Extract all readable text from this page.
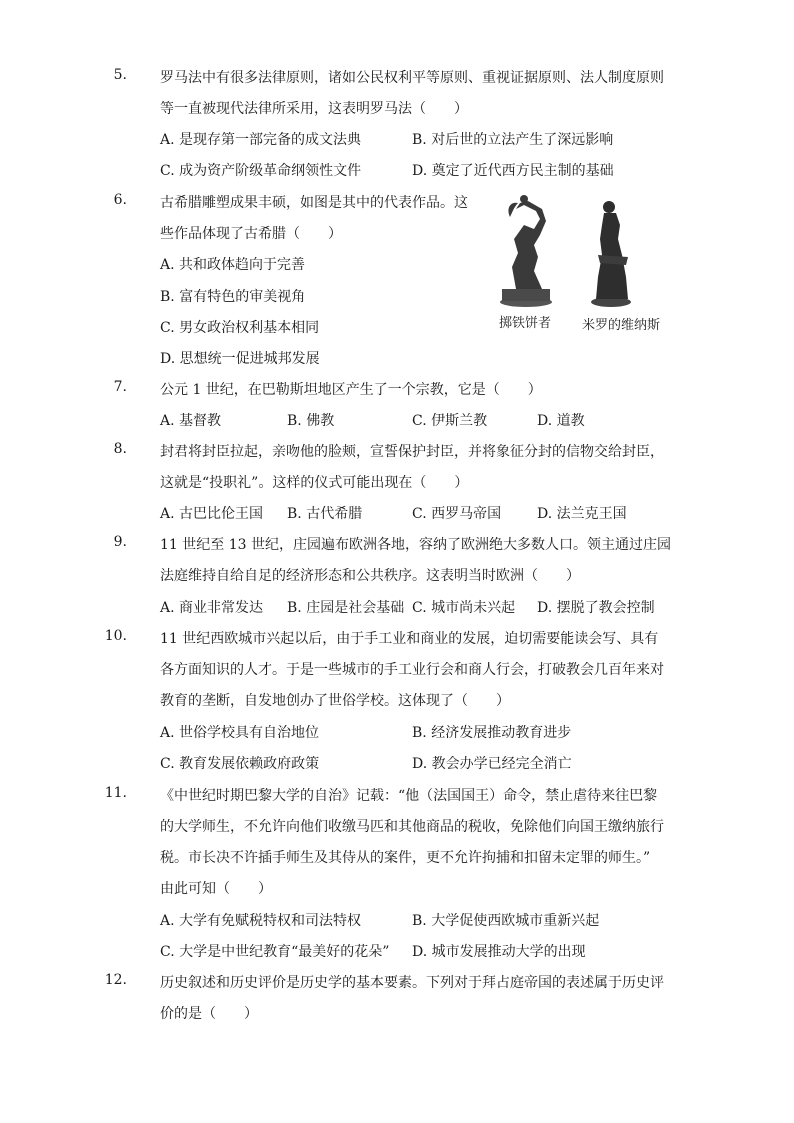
5. 罗马法中有很多法律原则，诸如公民权利平等原则、重视证据原则、法人制度原则
等一直被现代法律所采用，这表明罗马法（　　）
A. 是现存第一部完备的成文法典	B. 对后世的立法产生了深远影响
C. 成为资产阶级革命纲领性文件	D. 奠定了近代西方民主制的基础
6. 古希腊雕塑成果丰硕，如图是其中的代表作品。这
些作品体现了古希腊（　　）
A. 共和政体趋向于完善
B. 富有特色的审美视角
C. 男女政治权利基本相同
D. 思想统一促进城邦发展
掷铁饼者 米罗的维纳斯
7. 公元 1 世纪，在巴勒斯坦地区产生了一个宗教，它是（　　）
A. 基督教	B. 佛教	C. 伊斯兰教	D. 道教
8. 封君将封臣拉起，亲吻他的脸颊，宣誓保护封臣，并将象征分封的信物交给封臣，
这就是“投职礼”。这样的仪式可能出现在（　　）
A. 古巴比伦王国 B. 古代希腊	C. 西罗马帝国	D. 法兰克王国
9. 11 世纪至 13 世纪，庄园遍布欧洲各地，容纳了欧洲绝大多数人口。领主通过庄园
法庭维持自给自足的经济形态和公共秩序。这表明当时欧洲（　　）
A. 商业非常发达 B. 庄园是社会基础 C. 城市尚未兴起 D. 摆脱了教会控制
10. 11 世纪西欧城市兴起以后，由于手工业和商业的发展，迫切需要能读会写、具有
各方面知识的人才。于是一些城市的手工业行会和商人行会，打破教会几百年来对
教育的垄断，自发地创办了世俗学校。这体现了（　　）
A. 世俗学校具有自治地位	B. 经济发展推动教育进步
C. 教育发展依赖政府政策	D. 教会办学已经完全消亡
11. 《中世纪时期巴黎大学的自治》记载：“他（法国国王）命令，禁止虐待来往巴黎
的大学师生，不允许向他们收缴马匹和其他商品的税收，免除他们向国王缴纳旅行
税。市长决不许插手师生及其侍从的案件，更不允许拘捕和扣留未定罪的师生。”
由此可知（　　）
A. 大学有免赋税特权和司法特权	B. 大学促使西欧城市重新兴起
C. 大学是中世纪教育“最美好的花朵” D. 城市发展推动大学的出现
12. 历史叙述和历史评价是历史学的基本要素。下列对于拜占庭帝国的表述属于历史评
价的是（　　）
